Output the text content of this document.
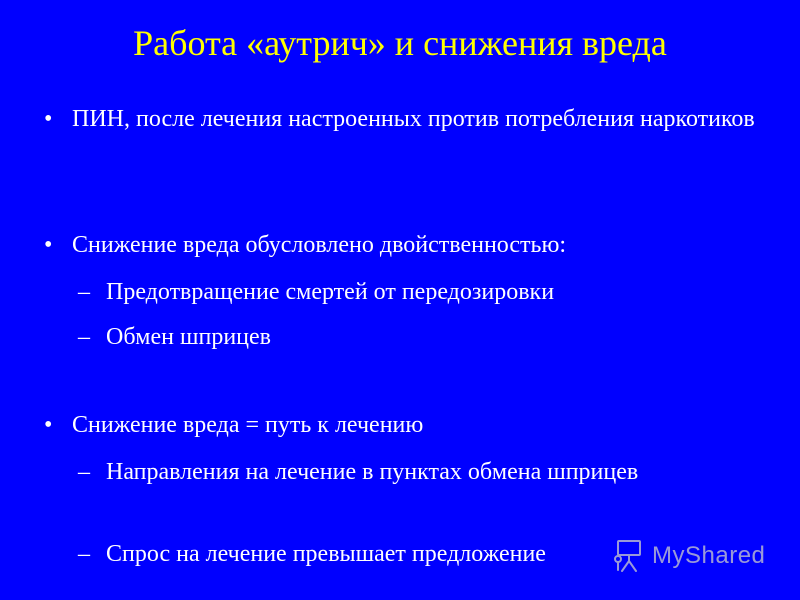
Работа «аутрич» и снижения вреда
• ПИН, после лечения настроенных против потребления наркотиков
• Снижение вреда обусловлено двойственностью:
– Предотвращение смертей от передозировки
– Обмен шприцев
• Снижение вреда = путь к лечению
– Направления на лечение в пунктах обмена шприцев
– Спрос на лечение превышает предложение	MyShared
